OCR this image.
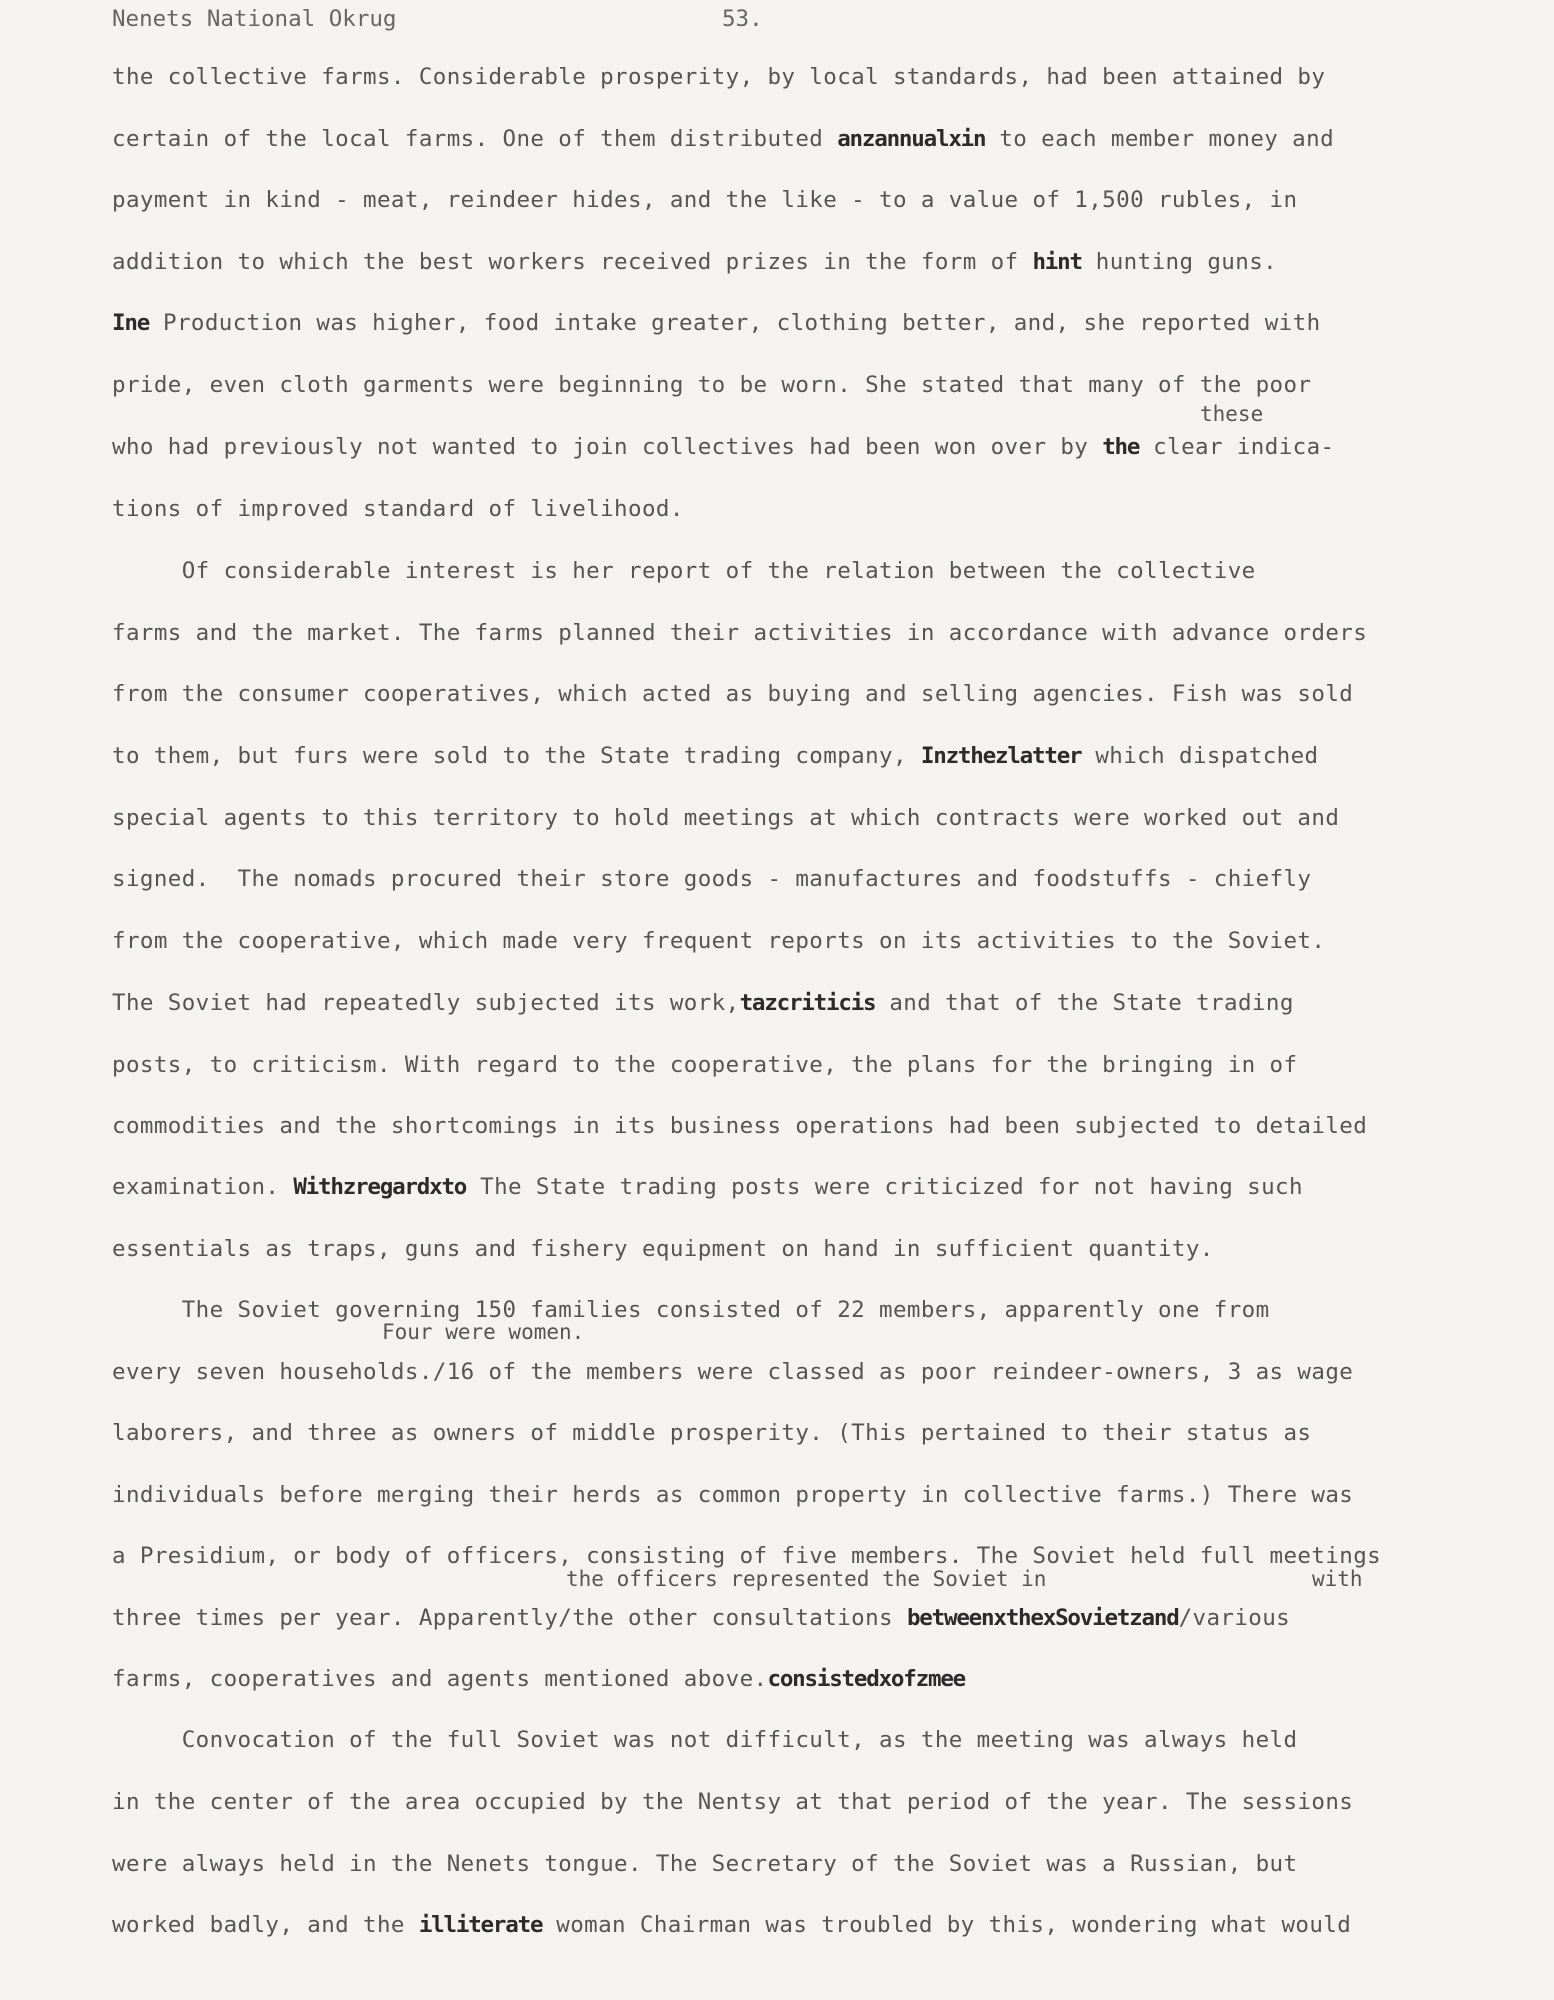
Nenets National Okrug	53.
the collective farms. Considerable prosperity, by local standards, had been attained by
certain of the local farms. One of them distributed anzannualxin to each member money and
payment in kind - meat, reindeer hides, and the like - to a value of 1,500 rubles, in
addition to which the best workers received prizes in the form of hint hunting guns.
Ine Production was higher, food intake greater, clothing better, and, she reported with
pride, even cloth garments were beginning to be worn. She stated that many of the poor
who had previously not wanted to join collectives had been won over by the clear indica-
tions of improved standard of livelihood.
Of considerable interest is her report of the relation between the collective
farms and the market. The farms planned their activities in accordance with advance orders
from the consumer cooperatives, which acted as buying and selling agencies. Fish was sold
to them, but furs were sold to the State trading company, Inzthezlatter which dispatched
special agents to this territory to hold meetings at which contracts were worked out and
signed.  The nomads procured their store goods - manufactures and foodstuffs - chiefly
from the cooperative, which made very frequent reports on its activities to the Soviet.
The Soviet had repeatedly subjected its work,tazcriticis and that of the State trading
posts, to criticism. With regard to the cooperative, the plans for the bringing in of
commodities and the shortcomings in its business operations had been subjected to detailed
examination. Withzregardxto The State trading posts were criticized for not having such
essentials as traps, guns and fishery equipment on hand in sufficient quantity.
The Soviet governing 150 families consisted of 22 members, apparently one from
every seven households./16 of the members were classed as poor reindeer-owners, 3 as wage
laborers, and three as owners of middle prosperity. (This pertained to their status as
individuals before merging their herds as common property in collective farms.) There was
a Presidium, or body of officers, consisting of five members. The Soviet held full meetings
three times per year. Apparently/the other consultations betweenxthexSovietzand/various
farms, cooperatives and agents mentioned above.consistedxofzmee
Convocation of the full Soviet was not difficult, as the meeting was always held
in the center of the area occupied by the Nentsy at that period of the year. The sessions
were always held in the Nenets tongue. The Secretary of the Soviet was a Russian, but
worked badly, and the illiterate woman Chairman was troubled by this, wondering what would
these
Four were women.
the officers represented the Soviet in	with
